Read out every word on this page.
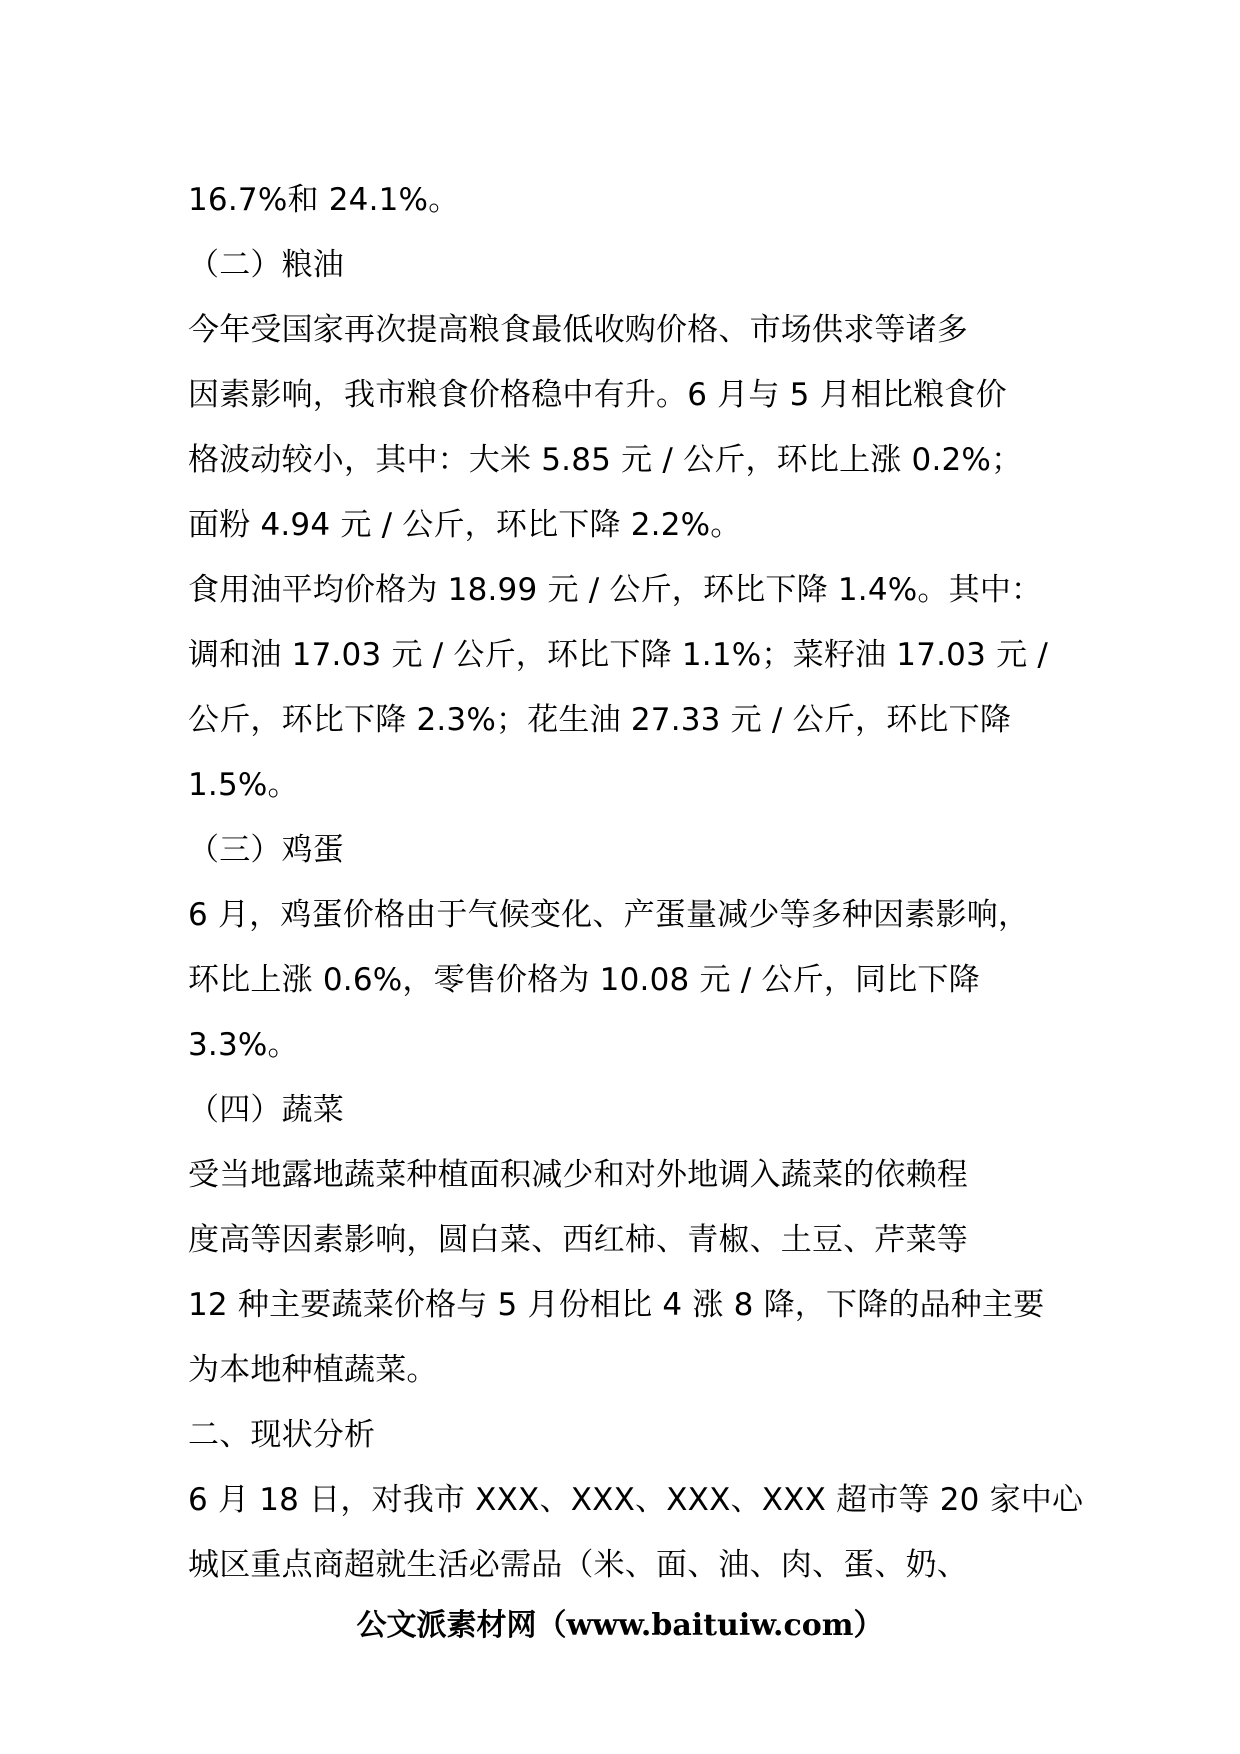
16.7%和 24.1%。
（二）粮油
今年受国家再次提高粮食最低收购价格、市场供求等诸多
因素影响，我市粮食价格稳中有升。6 月与 5 月相比粮食价
格波动较小，其中：大米 5.85 元 / 公斤，环比上涨 0.2%；
面粉 4.94 元 / 公斤，环比下降 2.2%。
食用油平均价格为 18.99 元 / 公斤，环比下降 1.4%。其中：
调和油 17.03 元 / 公斤，环比下降 1.1%；菜籽油 17.03 元 /
公斤，环比下降 2.3%；花生油 27.33 元 / 公斤，环比下降
1.5%。
（三）鸡蛋
6 月，鸡蛋价格由于气候变化、产蛋量减少等多种因素影响，
环比上涨 0.6%，零售价格为 10.08 元 / 公斤，同比下降
3.3%。
（四）蔬菜
受当地露地蔬菜种植面积减少和对外地调入蔬菜的依赖程
度高等因素影响，圆白菜、西红柿、青椒、土豆、芹菜等
12 种主要蔬菜价格与 5 月份相比 4 涨 8 降，下降的品种主要
为本地种植蔬菜。
二、现状分析
6 月 18 日，对我市 XXX、XXX、XXX、XXX 超市等 20 家中心
城区重点商超就生活必需品（米、面、油、肉、蛋、奶、
公文派素材网（www.baituiw.com）
